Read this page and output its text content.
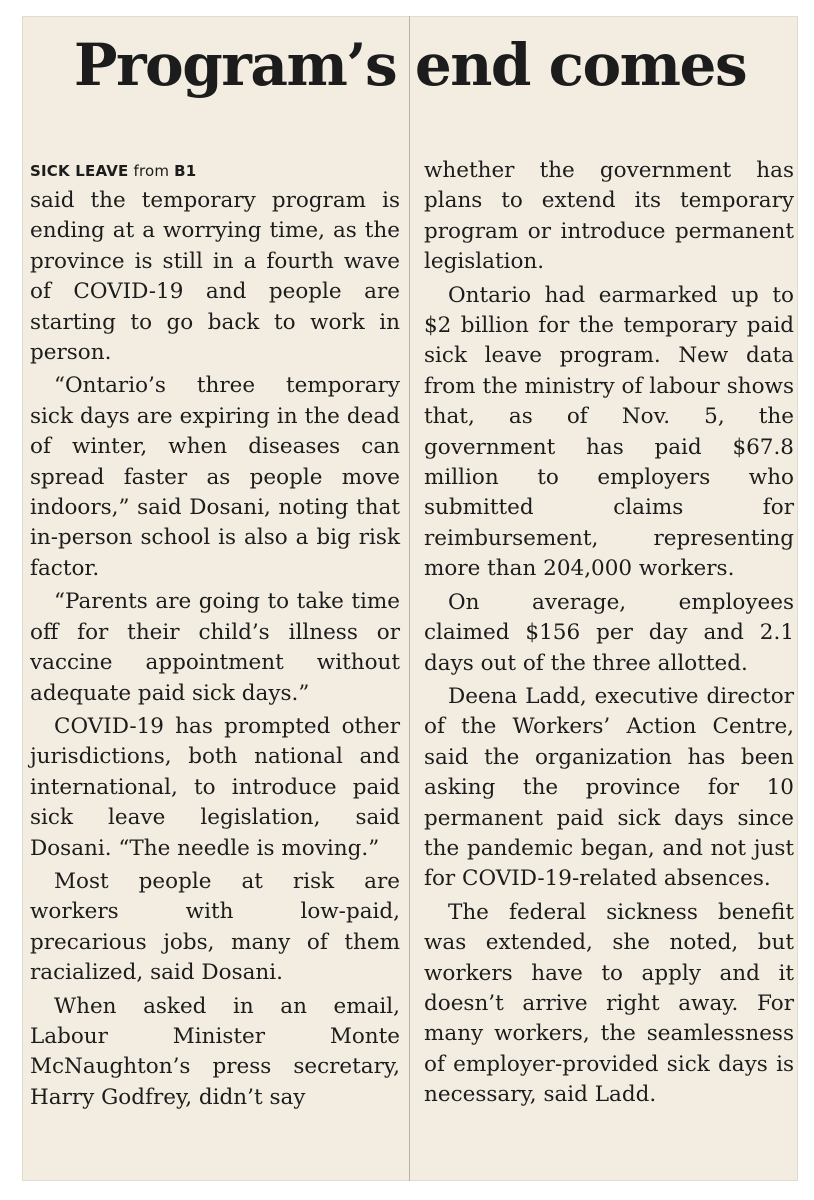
Program’s end comes
SICK LEAVE from B1

said the temporary program is ending at a worrying time, as the province is still in a fourth wave of COVID-19 and people are starting to go back to work in person.

“Ontario’s three temporary sick days are expiring in the dead of winter, when diseases can spread faster as people move indoors,” said Dosani, noting that in-person school is also a big risk factor.

“Parents are going to take time off for their child’s illness or vaccine appointment without adequate paid sick days.”

COVID-19 has prompted other jurisdictions, both national and international, to introduce paid sick leave legislation, said Dosani. “The needle is moving.”

Most people at risk are workers with low-paid, precarious jobs, many of them racialized, said Dosani.

When asked in an email, Labour Minister Monte McNaughton’s press secretary, Harry Godfrey, didn’t say

whether the government has plans to extend its temporary program or introduce permanent legislation.

Ontario had earmarked up to $2 billion for the temporary paid sick leave program. New data from the ministry of labour shows that, as of Nov. 5, the government has paid $67.8 million to employers who submitted claims for reimbursement, representing more than 204,000 workers.

On average, employees claimed $156 per day and 2.1 days out of the three allotted.

Deena Ladd, executive director of the Workers’ Action Centre, said the organization has been asking the province for 10 permanent paid sick days since the pandemic began, and not just for COVID-19-related absences.

The federal sickness benefit was extended, she noted, but workers have to apply and it doesn’t arrive right away. For many workers, the seamlessness of employer-provided sick days is necessary, said Ladd.
